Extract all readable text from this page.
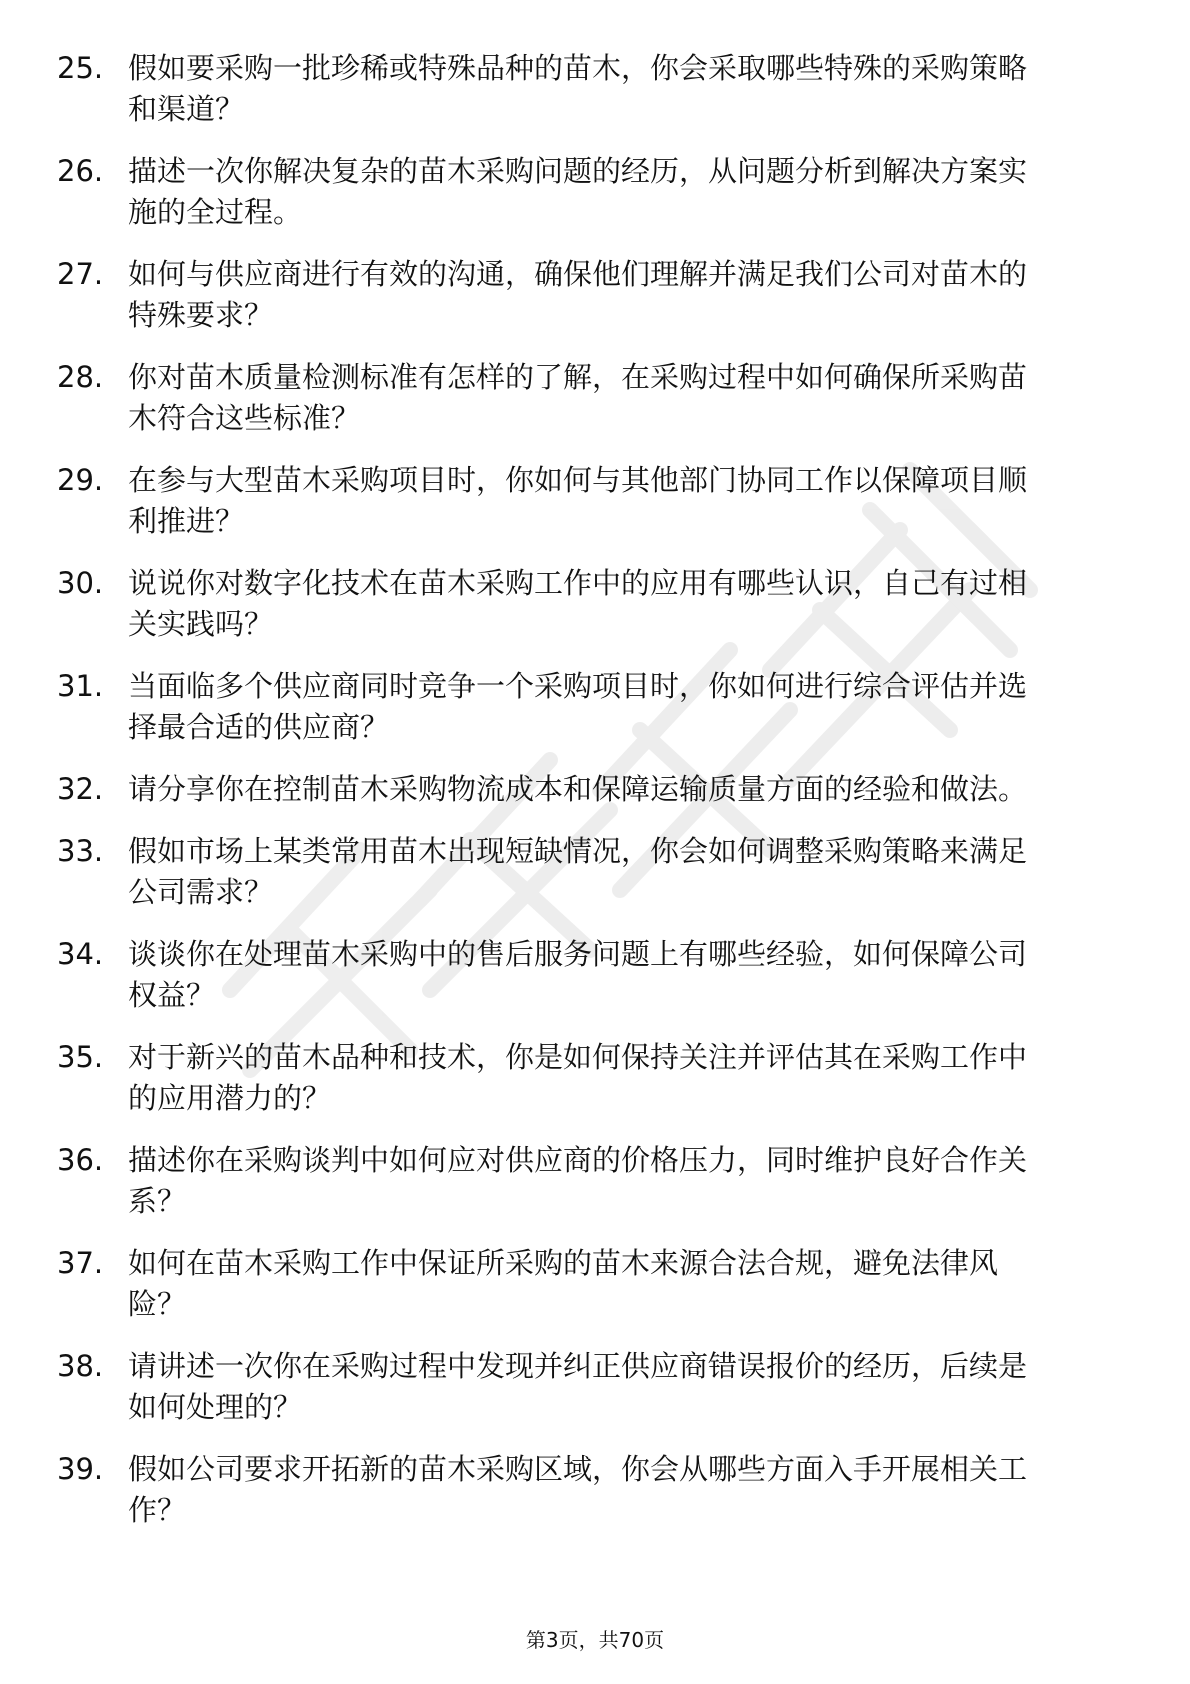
25. 假如要采购一批珍稀或特殊品种的苗木，你会采取哪些特殊的采购策略和渠道？
26. 描述一次你解决复杂的苗木采购问题的经历，从问题分析到解决方案实施的全过程。
27. 如何与供应商进行有效的沟通，确保他们理解并满足我们公司对苗木的特殊要求？
28. 你对苗木质量检测标准有怎样的了解，在采购过程中如何确保所采购苗木符合这些标准？
29. 在参与大型苗木采购项目时，你如何与其他部门协同工作以保障项目顺利推进？
30. 说说你对数字化技术在苗木采购工作中的应用有哪些认识，自己有过相关实践吗？
31. 当面临多个供应商同时竞争一个采购项目时，你如何进行综合评估并选择最合适的供应商？
32. 请分享你在控制苗木采购物流成本和保障运输质量方面的经验和做法。
33. 假如市场上某类常用苗木出现短缺情况，你会如何调整采购策略来满足公司需求？
34. 谈谈你在处理苗木采购中的售后服务问题上有哪些经验，如何保障公司权益？
35. 对于新兴的苗木品种和技术，你是如何保持关注并评估其在采购工作中的应用潜力的？
36. 描述你在采购谈判中如何应对供应商的价格压力，同时维护良好合作关系？
37. 如何在苗木采购工作中保证所采购的苗木来源合法合规，避免法律风险？
38. 请讲述一次你在采购过程中发现并纠正供应商错误报价的经历，后续是如何处理的？
39. 假如公司要求开拓新的苗木采购区域，你会从哪些方面入手开展相关工作？
第3页，共70页
